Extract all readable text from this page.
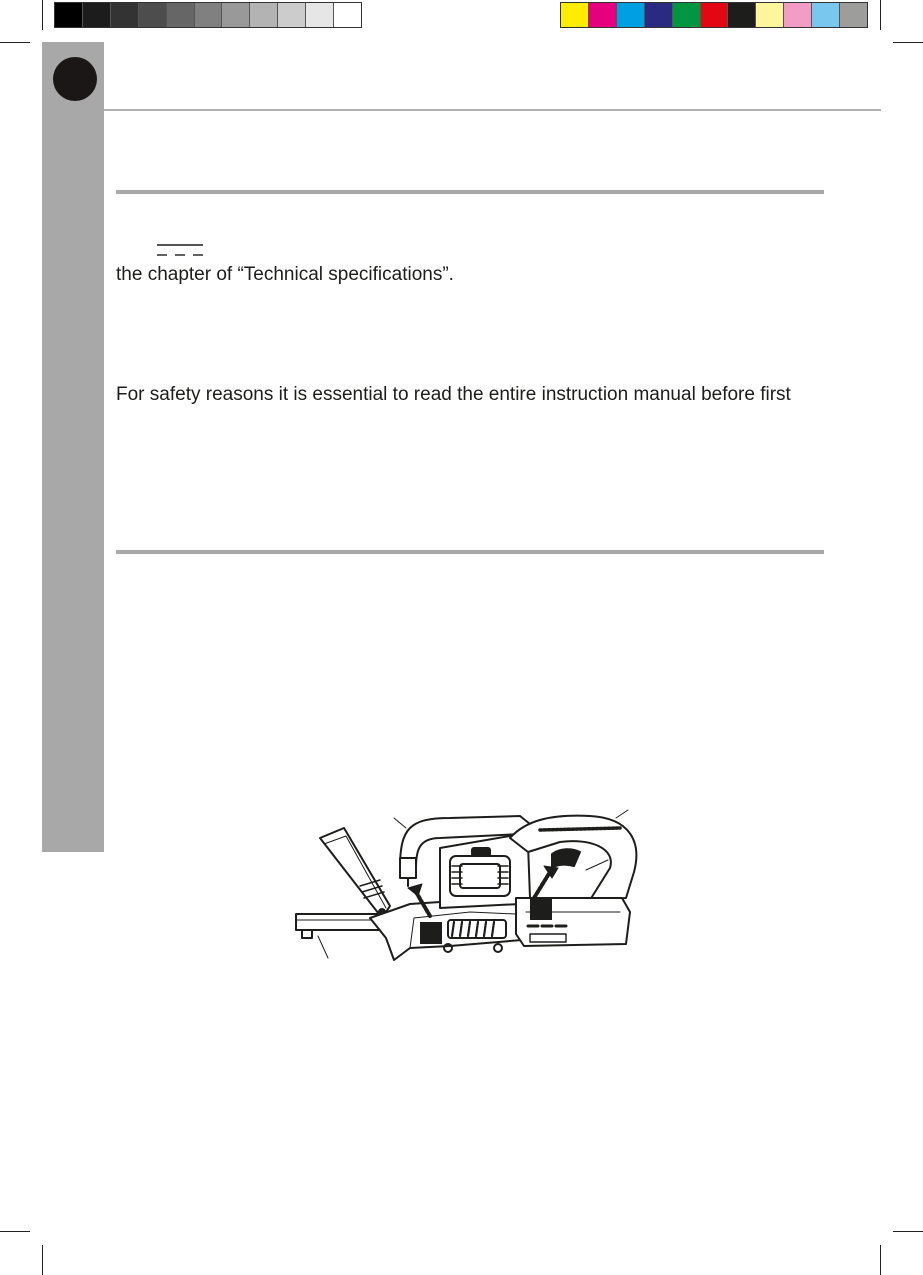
the chapter of “Technical specifications”.
For safety reasons it is essential to read the entire instruction manual before first
